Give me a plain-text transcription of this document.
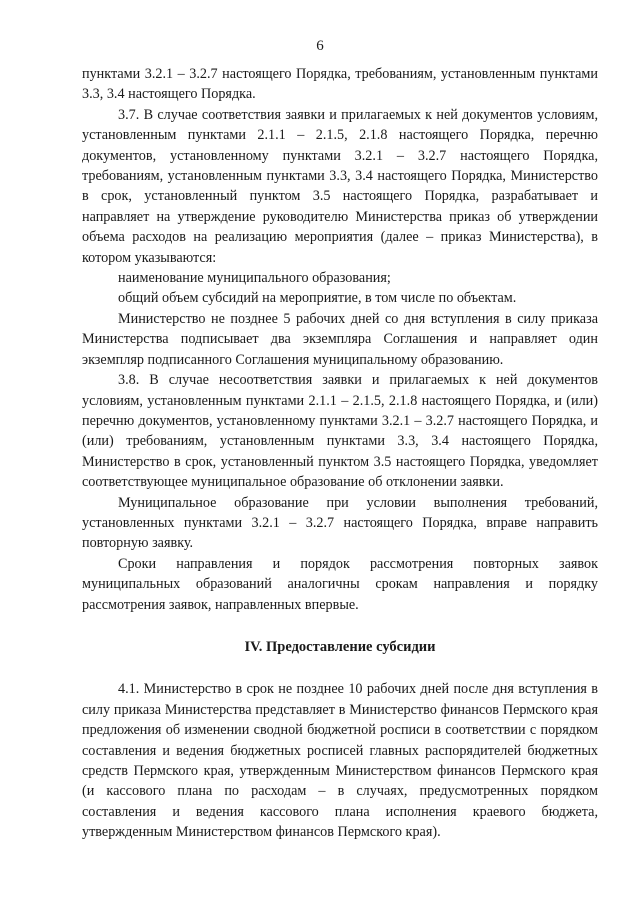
6

пунктами 3.2.1 – 3.2.7 настоящего Порядка, требованиям, установленным пунктами 3.3, 3.4 настоящего Порядка.

3.7. В случае соответствия заявки и прилагаемых к ней документов условиям, установленным пунктами 2.1.1 – 2.1.5, 2.1.8 настоящего Порядка, перечню документов, установленному пунктами 3.2.1 – 3.2.7 настоящего Порядка, требованиям, установленным пунктами 3.3, 3.4 настоящего Порядка, Министерство в срок, установленный пунктом 3.5 настоящего Порядка, разрабатывает и направляет на утверждение руководителю Министерства приказ об утверждении объема расходов на реализацию мероприятия (далее – приказ Министерства), в котором указываются:

наименование муниципального образования;

общий объем субсидий на мероприятие, в том числе по объектам.

Министерство не позднее 5 рабочих дней со дня вступления в силу приказа Министерства подписывает два экземпляра Соглашения и направляет один экземпляр подписанного Соглашения муниципальному образованию.

3.8. В случае несоответствия заявки и прилагаемых к ней документов условиям, установленным пунктами 2.1.1 – 2.1.5, 2.1.8 настоящего Порядка, и (или) перечню документов, установленному пунктами 3.2.1 – 3.2.7 настоящего Порядка, и (или) требованиям, установленным пунктами 3.3, 3.4 настоящего Порядка, Министерство в срок, установленный пунктом 3.5 настоящего Порядка, уведомляет соответствующее муниципальное образование об отклонении заявки.

Муниципальное образование при условии выполнения требований, установленных пунктами 3.2.1 – 3.2.7 настоящего Порядка, вправе направить повторную заявку.

Сроки направления и порядок рассмотрения повторных заявок муниципальных образований аналогичны срокам направления и порядку рассмотрения заявок, направленных впервые.

IV. Предоставление субсидии

4.1. Министерство в срок не позднее 10 рабочих дней после дня вступления в силу приказа Министерства представляет в Министерство финансов Пермского края предложения об изменении сводной бюджетной росписи в соответствии с порядком составления и ведения бюджетных росписей главных распорядителей бюджетных средств Пермского края, утвержденным Министерством финансов Пермского края (и кассового плана по расходам – в случаях, предусмотренных порядком составления и ведения кассового плана исполнения краевого бюджета, утвержденным Министерством финансов Пермского края).
